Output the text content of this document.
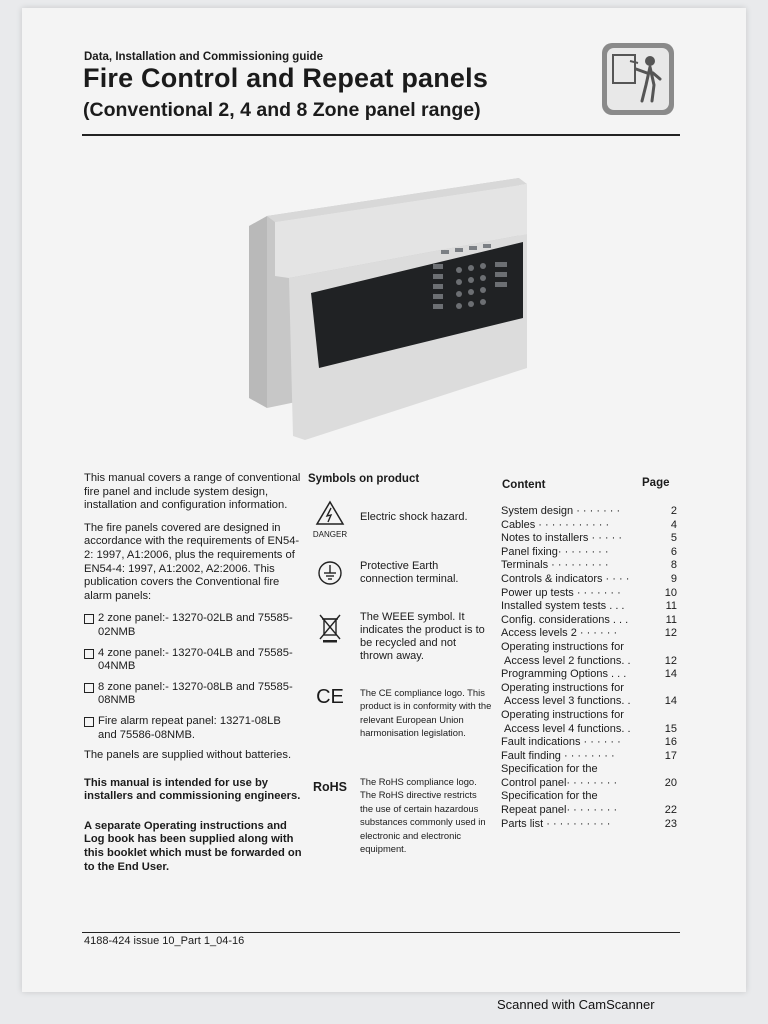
Data, Installation and Commissioning guide
Fire Control and Repeat panels
(Conventional 2, 4 and 8 Zone panel range)

This manual covers a range of conventional fire panel and include system design, installation and configuration information.

The fire panels covered are designed in accordance with the requirements of EN54-2: 1997, A1:2006, plus the requirements of EN54-4: 1997, A1:2002, A2:2006. This publication covers the Conventional fire alarm panels:

2 zone panel:- 13270-02LB and 75585-02NMB
4 zone panel:- 13270-04LB and 75585-04NMB
8 zone panel:- 13270-08LB and 75585-08NMB
Fire alarm repeat panel: 13271-08LB and 75586-08NMB.

The panels are supplied without batteries.

This manual is intended for use by installers and commissioning engineers.

A separate Operating instructions and Log book has been supplied along with this booklet which must be forwarded on to the End User.

Symbols on product
DANGER
Electric shock hazard.
Protective Earth connection terminal.
The WEEE symbol. It indicates the product is to be recycled and not thrown away.
CE	The CE compliance logo. This product is in conformity with the relevant European Union harmonisation legislation.
RoHS	The RoHS compliance logo. The RoHS directive restricts the use of certain hazardous substances commonly used in electronic and electronic equipment.
Content	Page
System design · · · · · · ·	2
Cables · · · · · · · · · · ·	4
Notes to installers · · · · ·	5
Panel fixing· · · · · · · ·	6
Terminals · · · · · · · · ·	8
Controls & indicators · · · ·	9
Power up tests · · · · · · ·	10
Installed system tests . . .	11
Config. considerations . . .	11
Access levels 2 · · · · · ·	12
Operating instructions for
Access level 2 functions. .	12
Programming Options . . .	14
Operating instructions for
Access level 3 functions. .	14
Operating instructions for
Access level 4 functions. .	15
Fault indications · · · · · ·	16
Fault finding · · · · · · · ·	17
Specification for the
Control panel· · · · · · · ·	20
Specification for the
Repeat panel· · · · · · · ·	22
Parts list · · · · · · · · · ·	23
4188-424 issue 10_Part 1_04-16
Scanned with CamScanner
